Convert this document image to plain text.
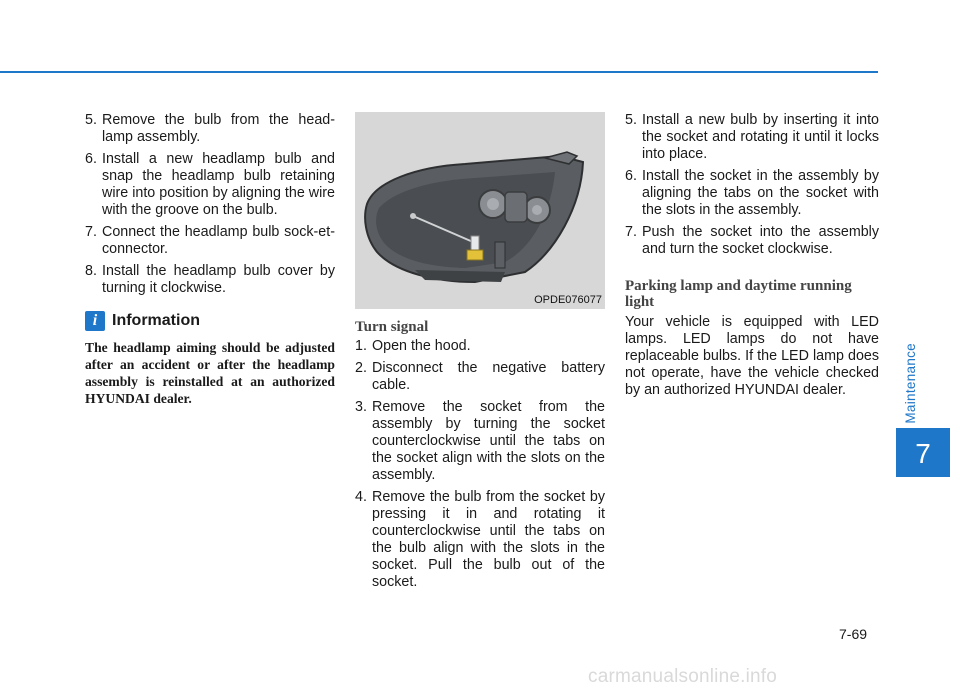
5. Remove the bulb from the head-lamp assembly.
6. Install a new headlamp bulb and snap the headlamp bulb retaining wire into position by aligning the wire with the groove on the bulb.
7. Connect the headlamp bulb sock-et-connector.
8. Install the headlamp bulb cover by turning it clockwise.
i Information

The headlamp aiming should be adjusted after an accident or after the headlamp assembly is reinstalled at an authorized HYUNDAI dealer.

OPDE076077
Turn signal
1. Open the hood.
2. Disconnect the negative battery cable.
3. Remove the socket from the assembly by turning the socket counterclockwise until the tabs on the socket align with the slots on the assembly.
4. Remove the bulb from the socket by pressing it in and rotating it counterclockwise until the tabs on the bulb align with the slots in the socket. Pull the bulb out of the socket.
5. Install a new bulb by inserting it into the socket and rotating it until it locks into place.
6. Install the socket in the assembly by aligning the tabs on the socket with the slots in the assembly.
7. Push the socket into the assembly and turn the socket clockwise.
Parking lamp and daytime running light

Your vehicle is equipped with LED lamps. LED lamps do not have replaceable bulbs. If the LED lamp does not operate, have the vehicle checked by an authorized HYUNDAI dealer.	Maintenance
7
7-69
carmanualsonline.info
